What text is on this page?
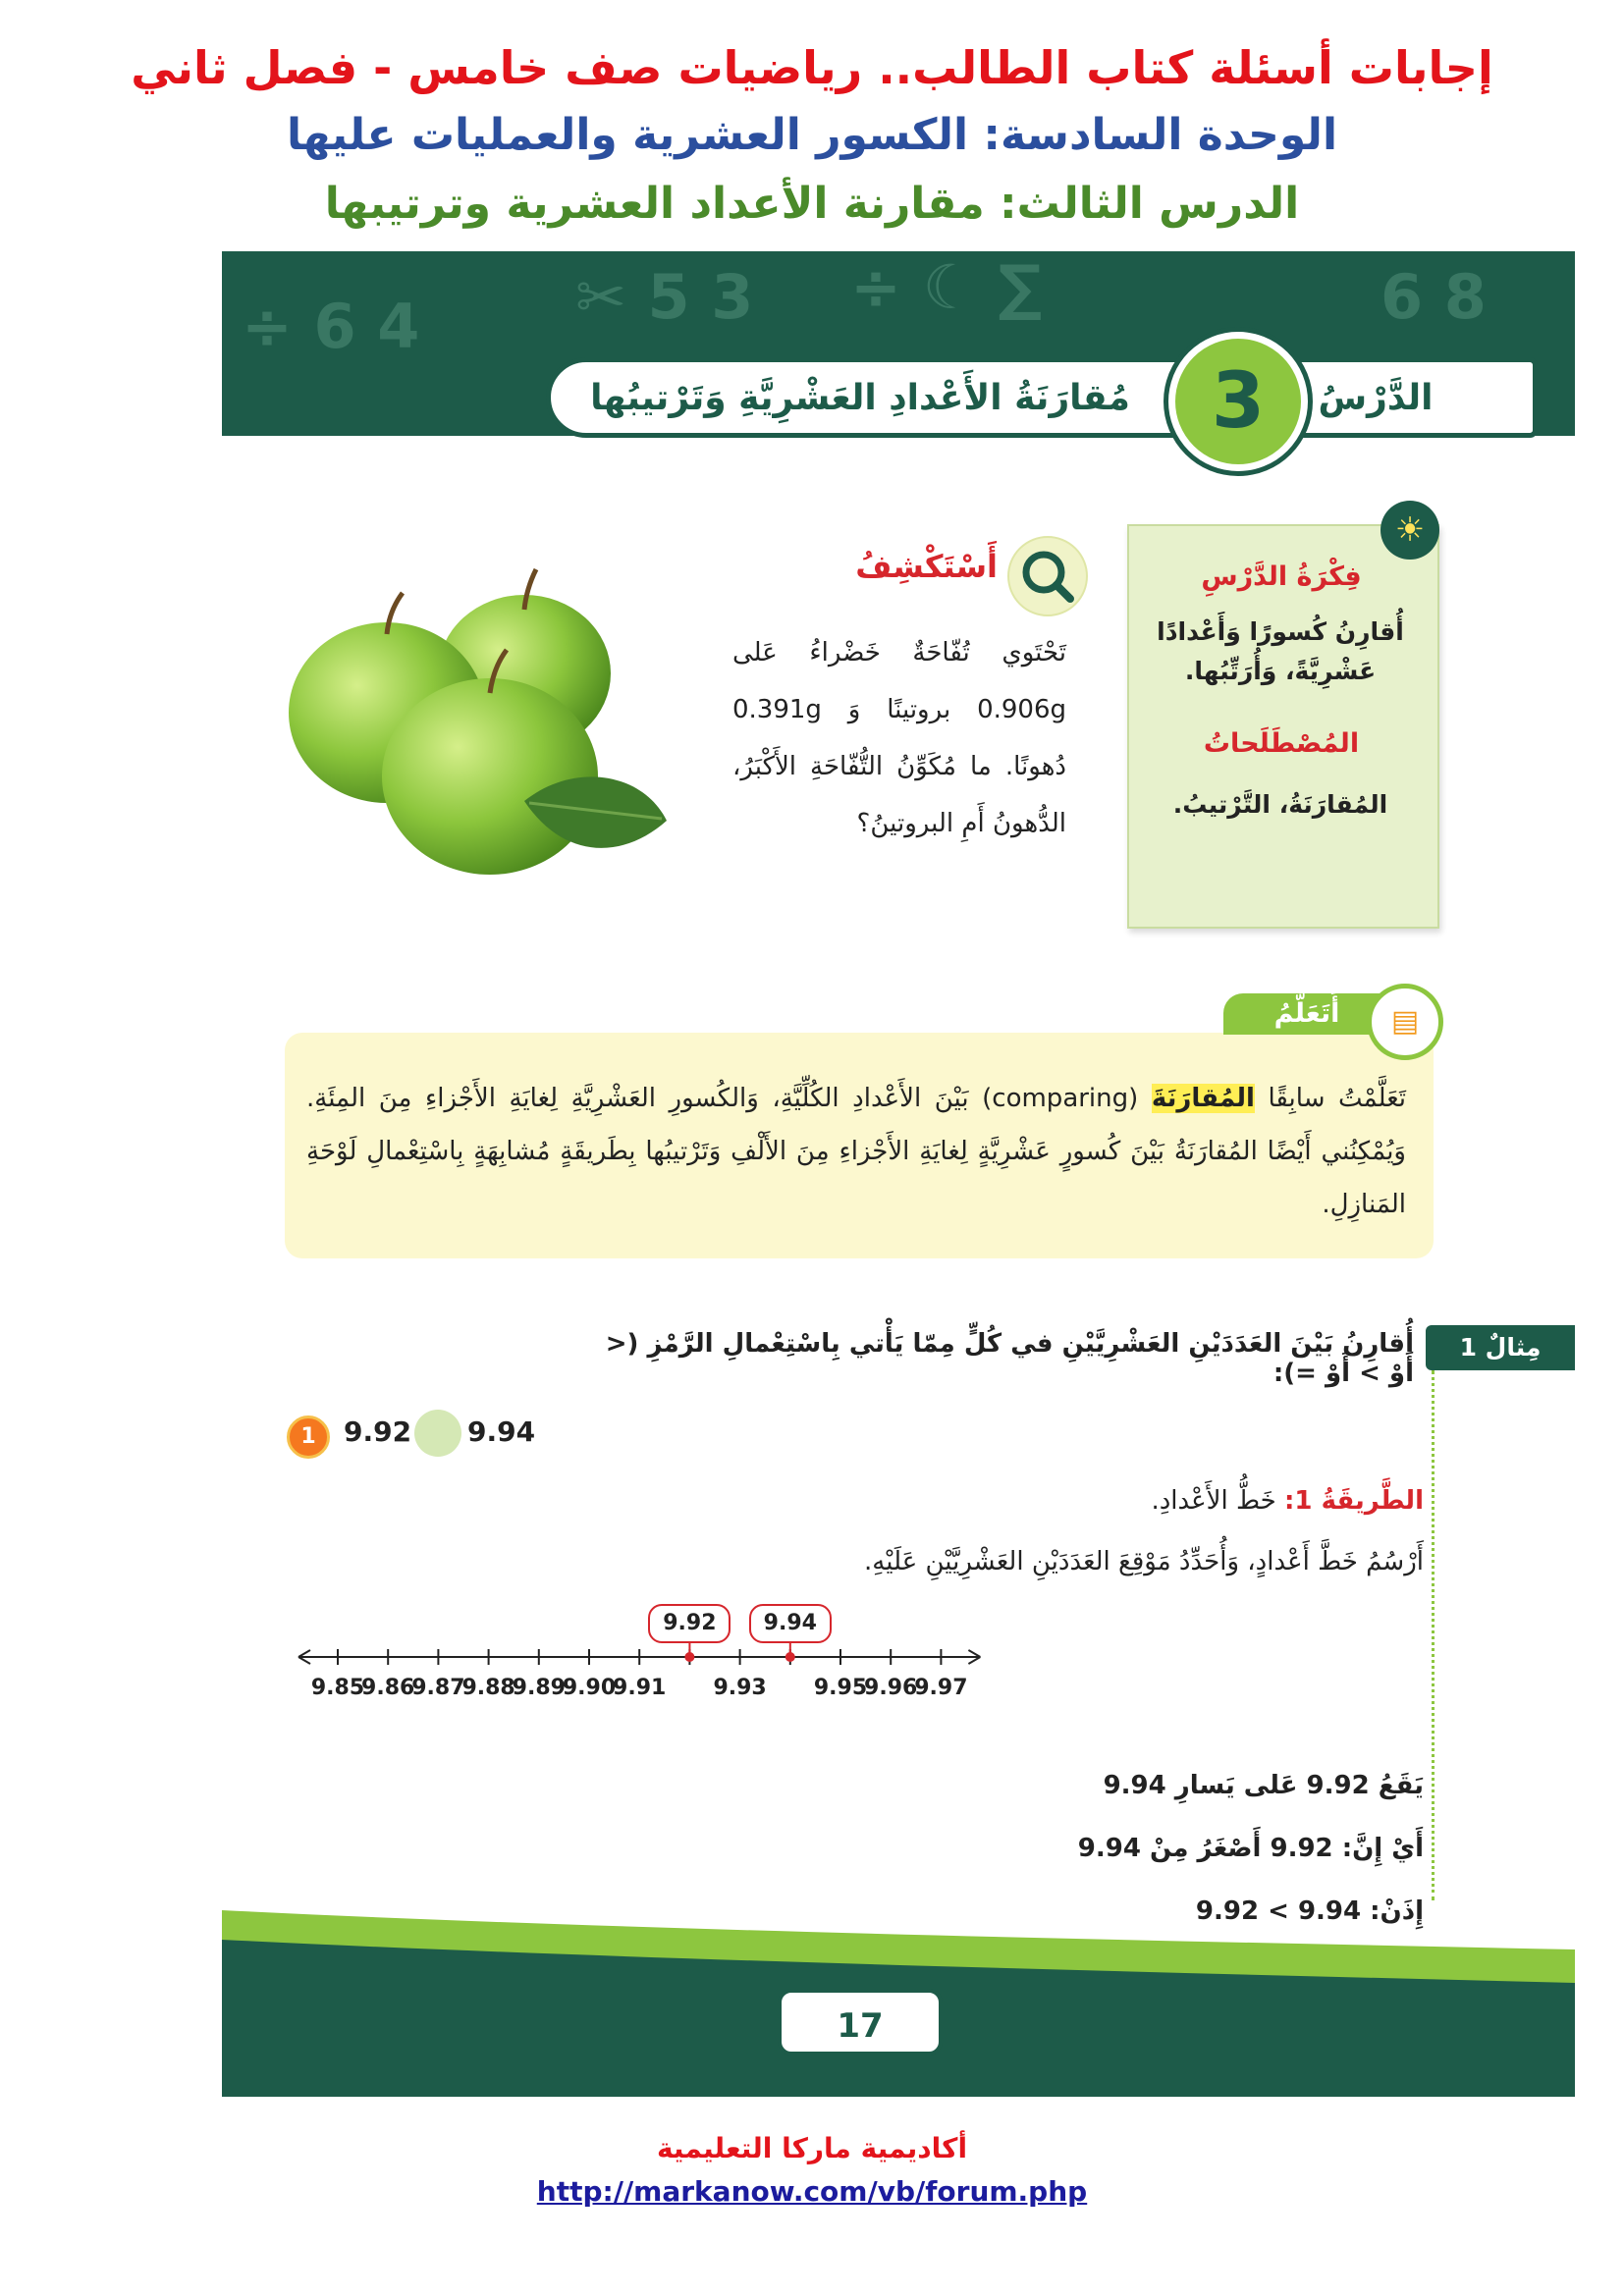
إجابات أسئلة كتاب الطالب.. رياضيات صف خامس - فصل ثاني
الوحدة السادسة: الكسور العشرية والعمليات عليها
الدرس الثالث: مقارنة الأعداد العشرية وترتيبها
4 6 ÷	3 5 ✂ ∑ ☾ ÷	8 6
الدَّرْسُ
3
مُقارَنَةُ الأَعْدادِ العَشْرِيَّةِ وَتَرْتيبُها
فِكْرَةُ الدَّرْسِ
أُقارِنُ كُسورًا وَأَعْدادًا عَشْرِيَّةً، وَأُرَتِّبُها.
المُصْطَلَحاتُ
المُقارَنَةُ، التَّرْتيبُ.
☀
أَسْتَكْشِفُ
تَحْتَوي تُفّاحَةٌ خَضْراءُ عَلى 0.906g بروتينًا وَ 0.391g دُهونًا. ما مُكَوِّنُ التُّفّاحَةِ الأَكْبَرُ، الدُّهونُ أَمِ البروتينُ؟
أَتَعَلَّمُ	▤
تَعَلَّمْتُ سابِقًا المُقارَنَةَ (comparing) بَيْنَ الأَعْدادِ الكُلِّيَّةِ، وَالكُسورِ العَشْرِيَّةِ لِغايَةِ الأَجْزاءِ مِنَ المِئَةِ. وَيُمْكِنُني أَيْضًا المُقارَنَةُ بَيْنَ كُسورٍ عَشْرِيَّةٍ لِغايَةِ الأَجْزاءِ مِنَ الأَلْفِ وَتَرْتيبُها بِطَريقَةٍ مُشابِهَةٍ بِاسْتِعْمالِ لَوْحَةِ المَنازِلِ.
مِثالٌ 1
أُقارِنُ بَيْنَ العَدَدَيْنِ العَشْرِيَّيْنِ في كُلٍّ مِمّا يَأْتي بِاسْتِعْمالِ الرَّمْزِ (< أَوْ > أَوْ =):
1	9.92 9.94
الطَّريقَةُ 1: خَطُّ الأَعْدادِ.
أَرْسُمُ خَطَّ أَعْدادٍ، وَأُحَدِّدُ مَوْقِعَ العَدَدَيْنِ العَشْرِيَّيْنِ عَلَيْهِ.
9.85
9.86
9.87
9.88
9.89
9.90
9.91 9.93 9.95
9.96
9.97
9.92	9.94
يَقَعُ 9.92 عَلى يَسارِ 9.94
أَيْ إِنَّ: 9.92 أَصْغَرُ مِنْ 9.94
إِذَنْ: 9.94 > 9.92
17
أكاديمية ماركا التعليمية
http://markanow.com/vb/forum.php
